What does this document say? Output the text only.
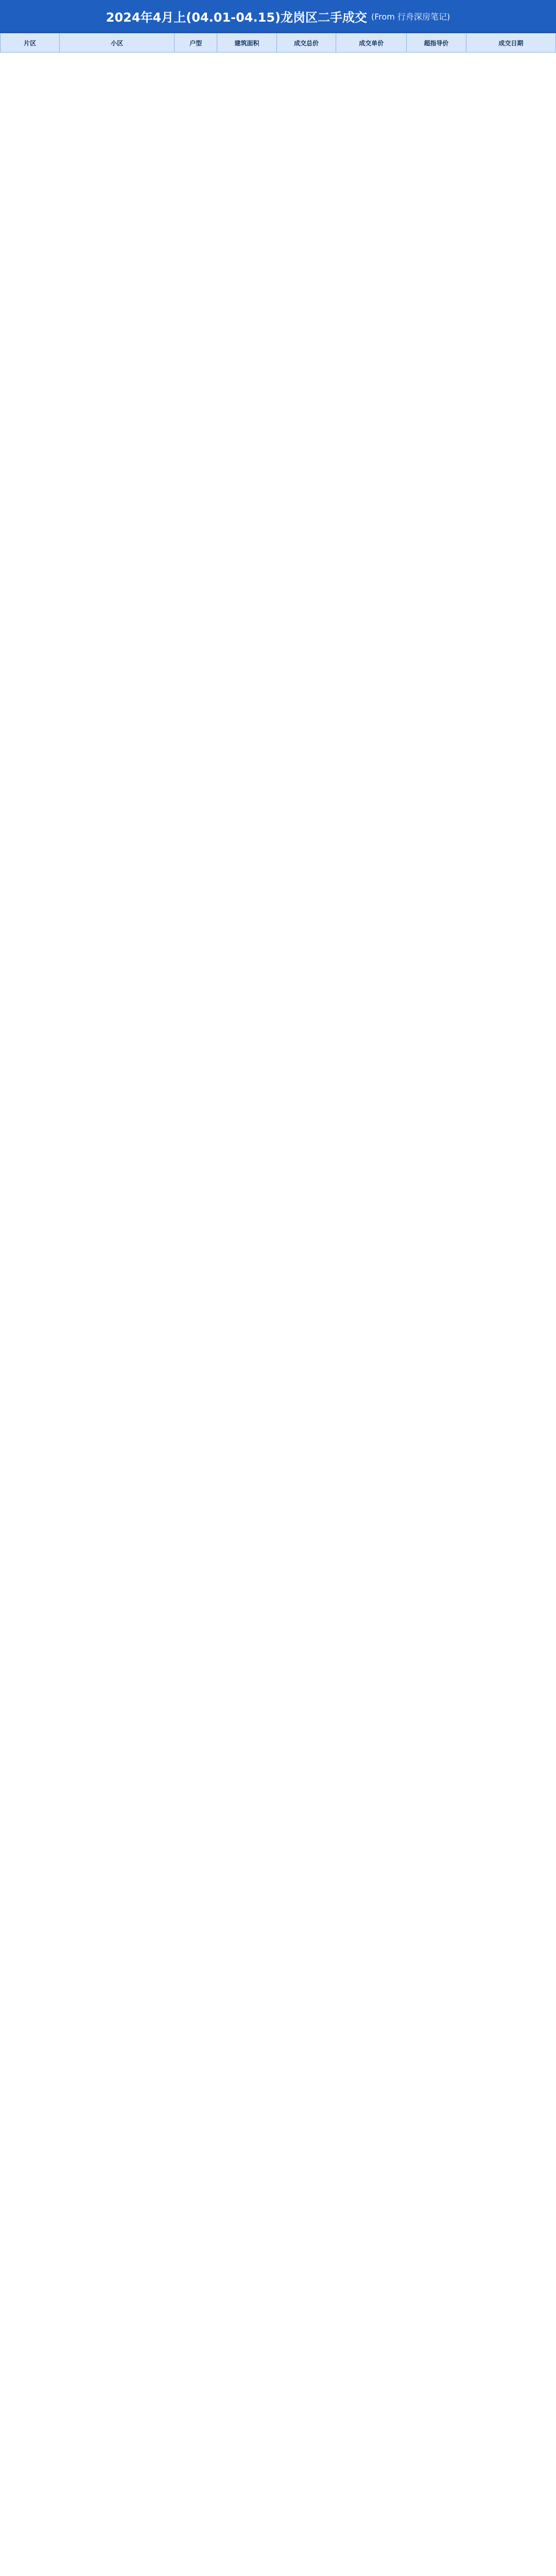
2024年4月上(04.01-04.15)龙岗区二手成交 (From 行舟深房笔记)
片区	小区	户型	建筑面积	成交总价	成交单价	超指导价	成交日期
